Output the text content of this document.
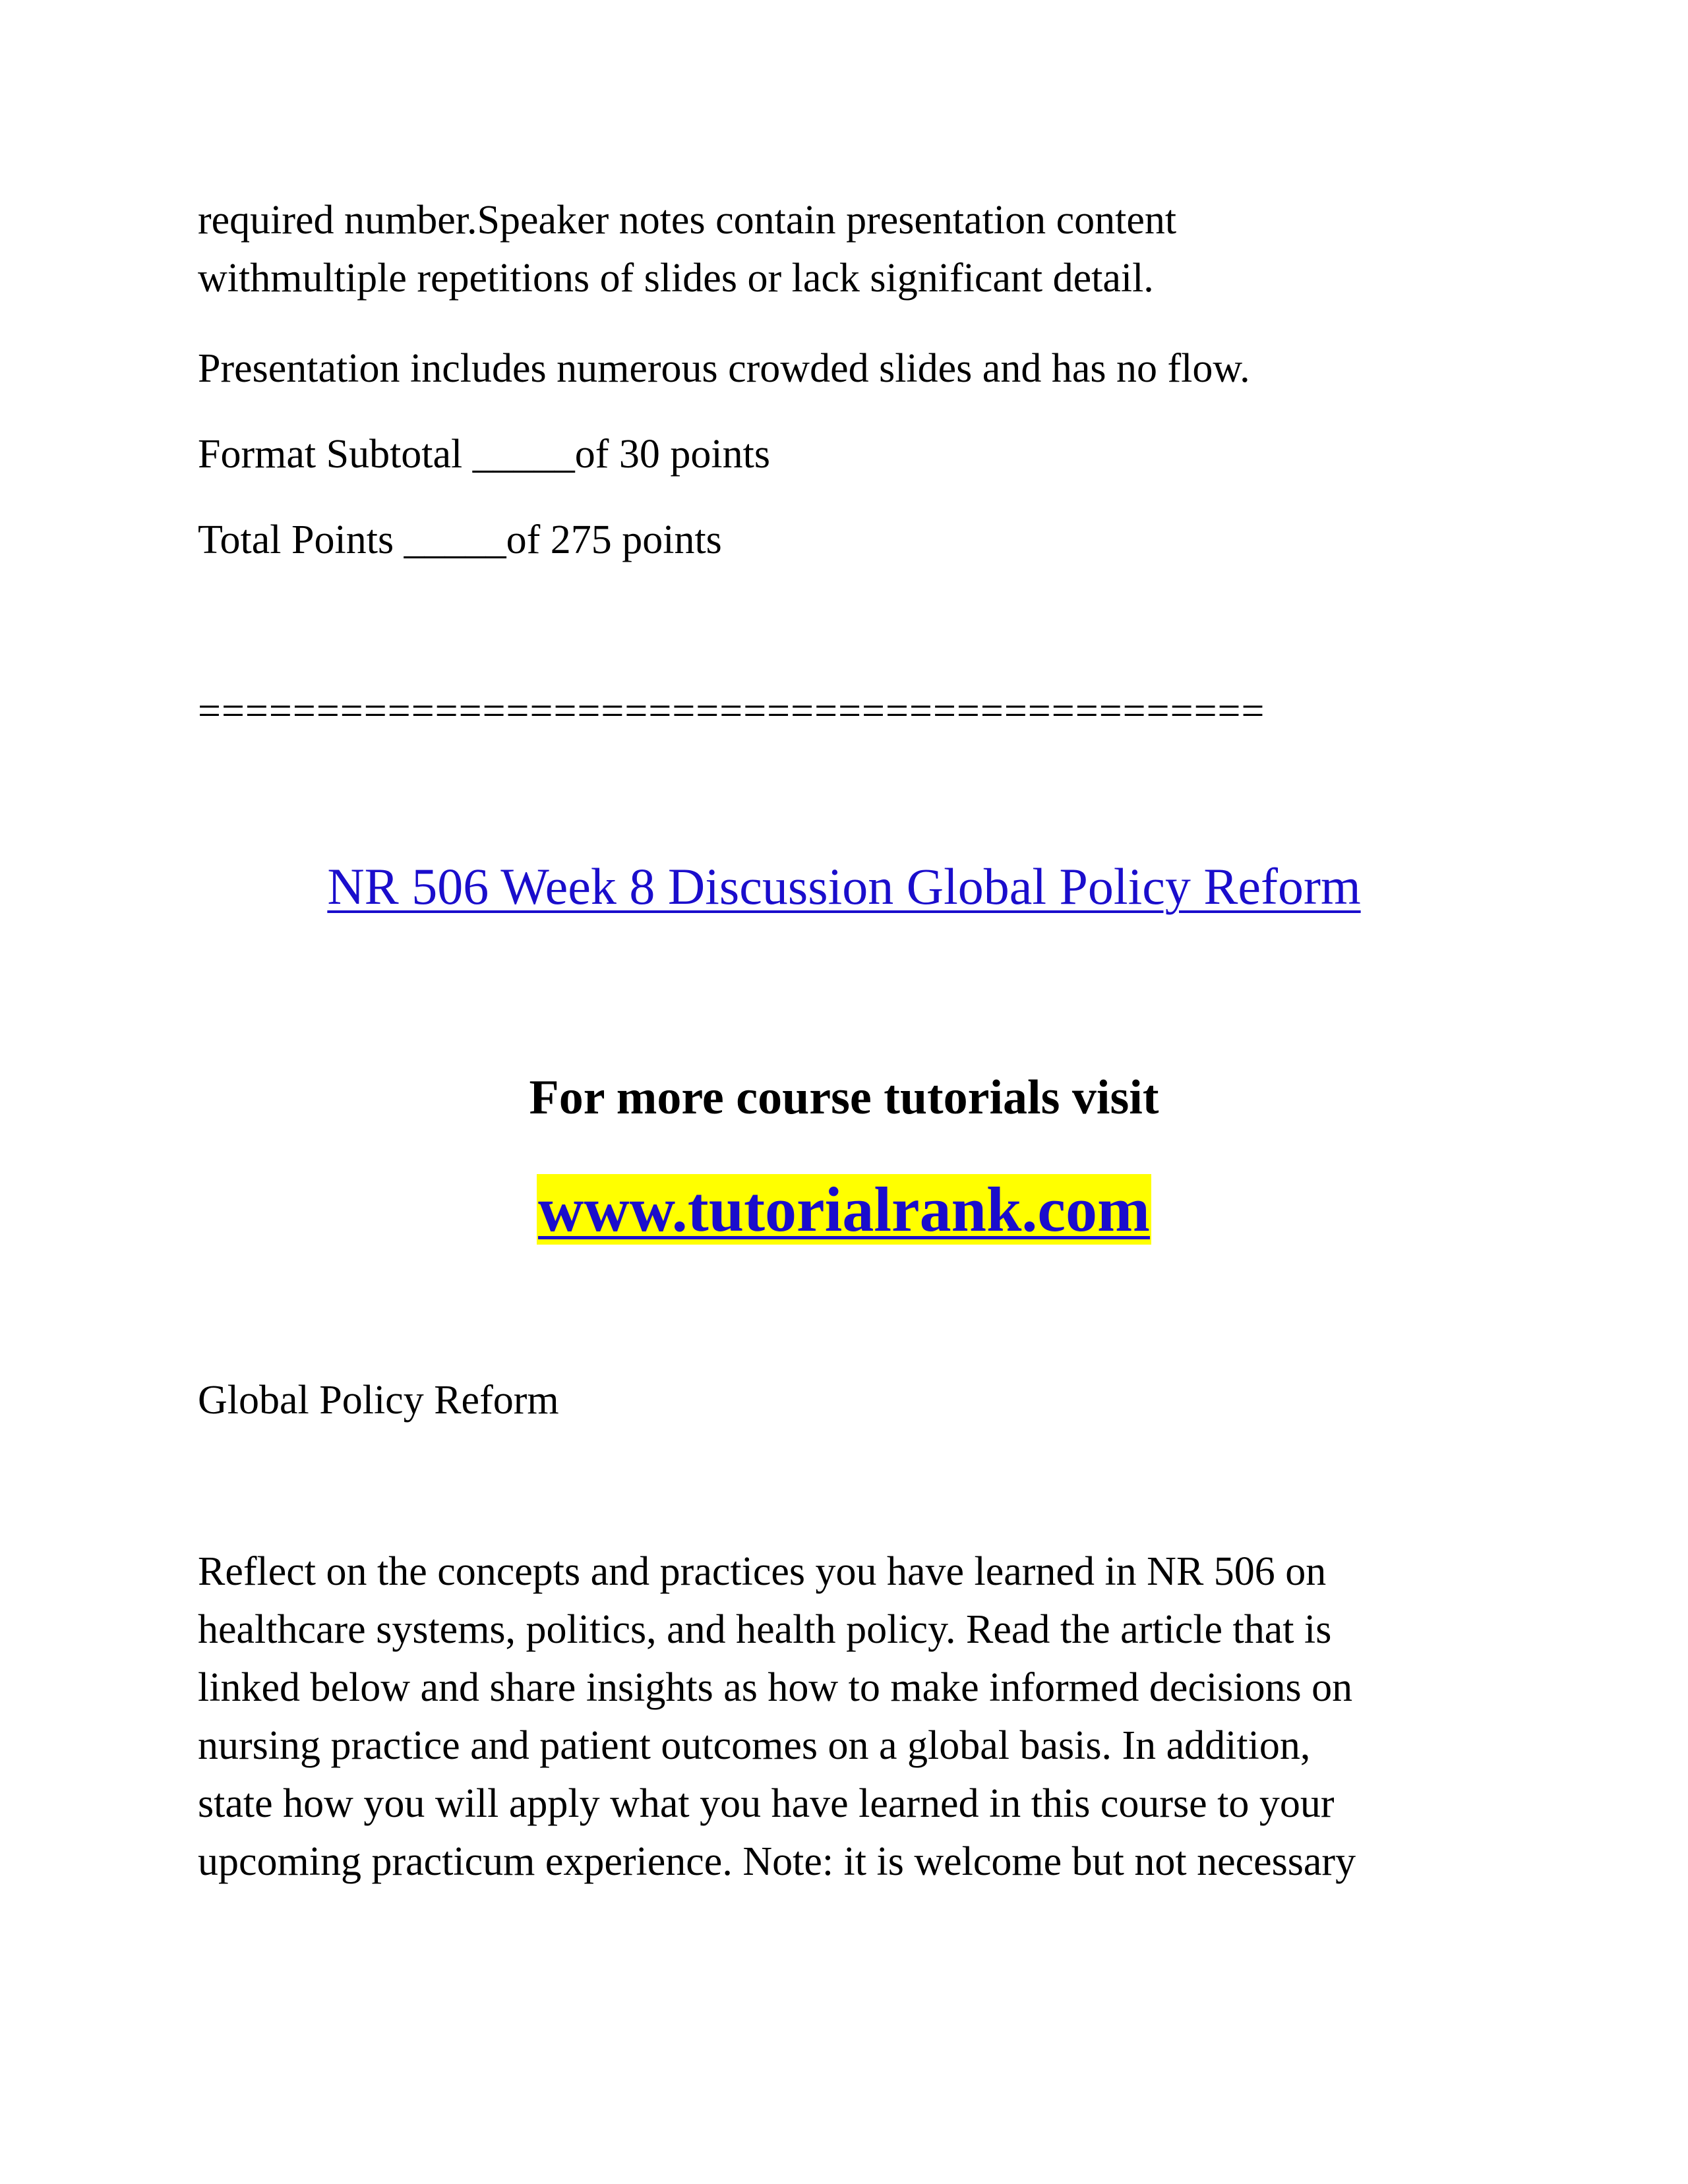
required number.Speaker notes contain presentation content
withmultiple repetitions of slides or lack significant detail.
Presentation includes numerous crowded slides and has no flow.
Format Subtotal _____of 30 points
Total Points _____of 275 points
=============================================
NR 506 Week 8 Discussion Global Policy Reform
For more course tutorials visit
www.tutorialrank.com
Global Policy Reform
Reflect on the concepts and practices you have learned in NR 506 on
healthcare systems, politics, and health policy. Read the article that is
linked below and share insights as how to make informed decisions on
nursing practice and patient outcomes on a global basis. In addition,
state how you will apply what you have learned in this course to your
upcoming practicum experience. Note: it is welcome but not necessary
